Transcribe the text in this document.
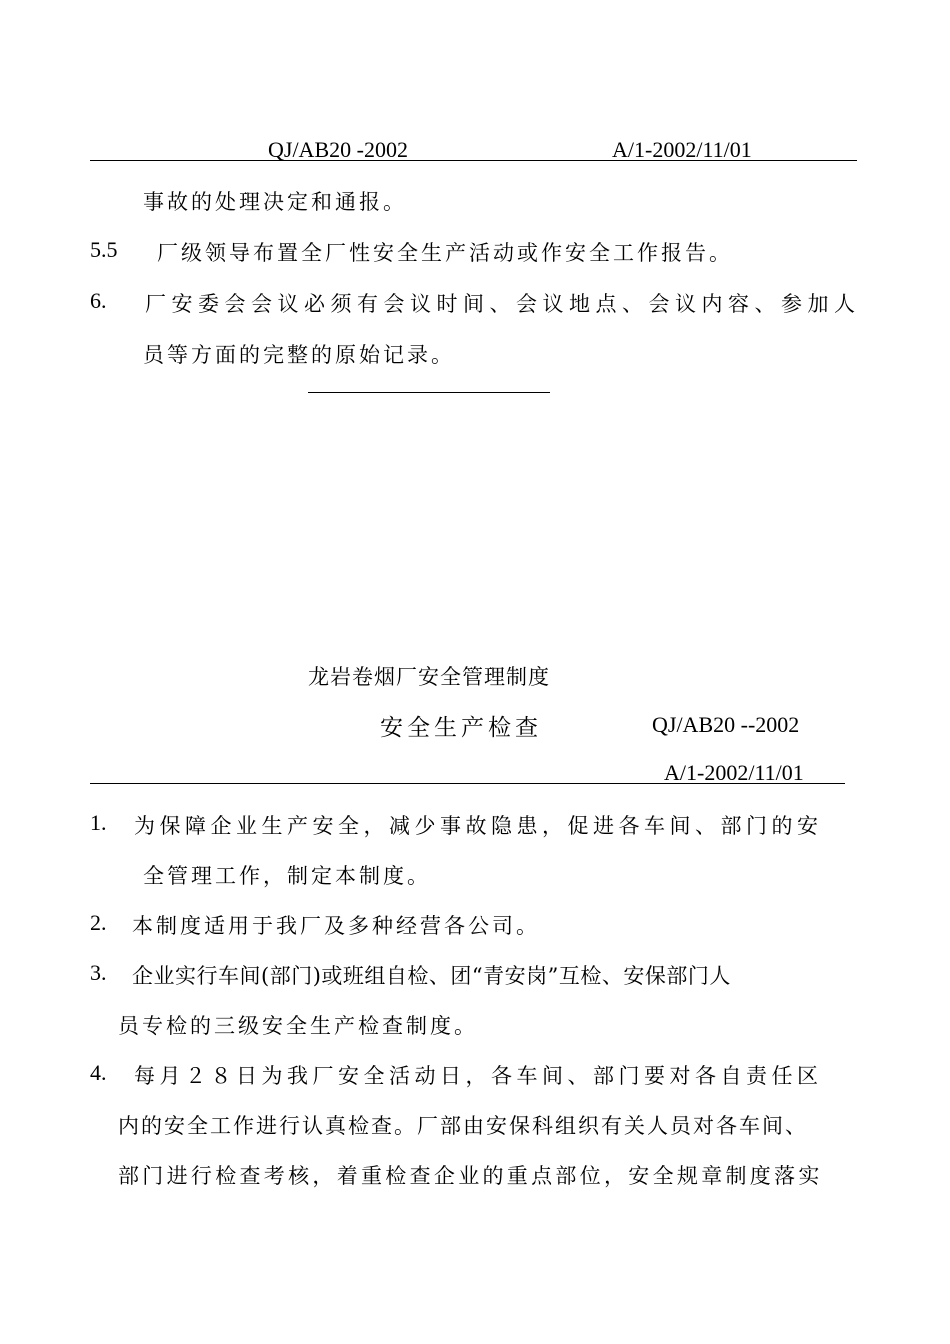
QJ/AB20 -2002	A/1-2002/11/01
事故的处理决定和通报。
5.5 厂级领导布置全厂性安全生产活动或作安全工作报告。
6. 厂安委会会议必须有会议时间、会议地点、会议内容、参加人
员等方面的完整的原始记录。
龙岩卷烟厂安全管理制度
安全生产检查	QJ/AB20 --2002
A/1-2002/11/01
1. 为保障企业生产安全，减少事故隐患，促进各车间、部门的安
全管理工作，制定本制度。
2. 本制度适用于我厂及多种经营各公司。
3. 企业实行车间(部门)或班组自检、团“青安岗”互检、安保部门人
员专检的三级安全生产检查制度。
4. 每月２８日为我厂安全活动日，各车间、部门要对各自责任区
内的安全工作进行认真检查。厂部由安保科组织有关人员对各车间、
部门进行检查考核，着重检查企业的重点部位，安全规章制度落实
